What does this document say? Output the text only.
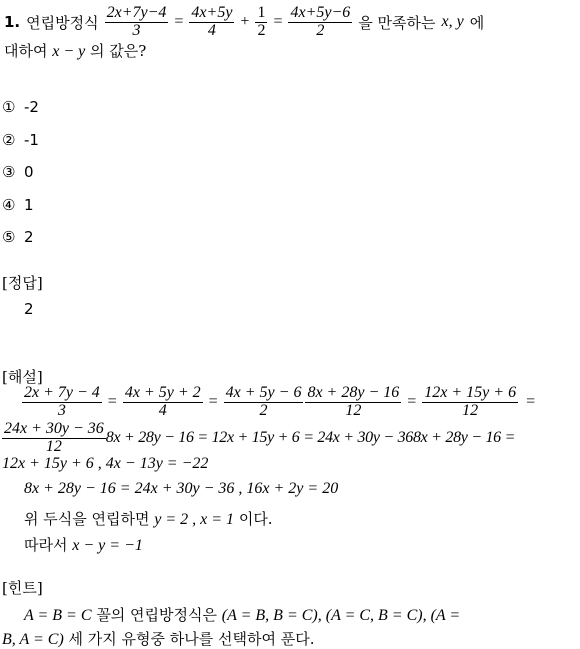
1. 연립방정식 $\frac{2x+7y-4}{3} = \frac{4x+5y}{4} + \frac{1}{2} = \frac{4x+5y-6}{2}$ 을 만족하는 x, y 에
대하여 x − y 의 값은?
① -2
② -1
③ 0
④ 1
⑤ 2
[정답]
2
[해설]
$\frac{2x + 7y - 4}{3} = \frac{4x + 5y + 2}{4} = \frac{4x + 5y - 6}{2} \frac{8x + 28y - 16}{12} = \frac{12x + 15y + 6}{12}$ =
$\frac{24x + 30y - 36}{12} 8x + 28y - 16 = 12x + 15y + 6 = 24x + 30y - 368x + 28y - 16$ =
12x + 15y + 6 , 4x − 13y = −22
8x + 28y − 16 = 24x + 30y − 36 , 16x + 2y = 20
위 두식을 연립하면 y = 2 , x = 1 이다.
따라서 x − y = −1
[힌트]
A = B = C 꼴의 연립방정식은 (A = B, B = C), (A = C, B = C), (A =
B, A = C) 세 가지 유형중 하나를 선택하여 푼다.
